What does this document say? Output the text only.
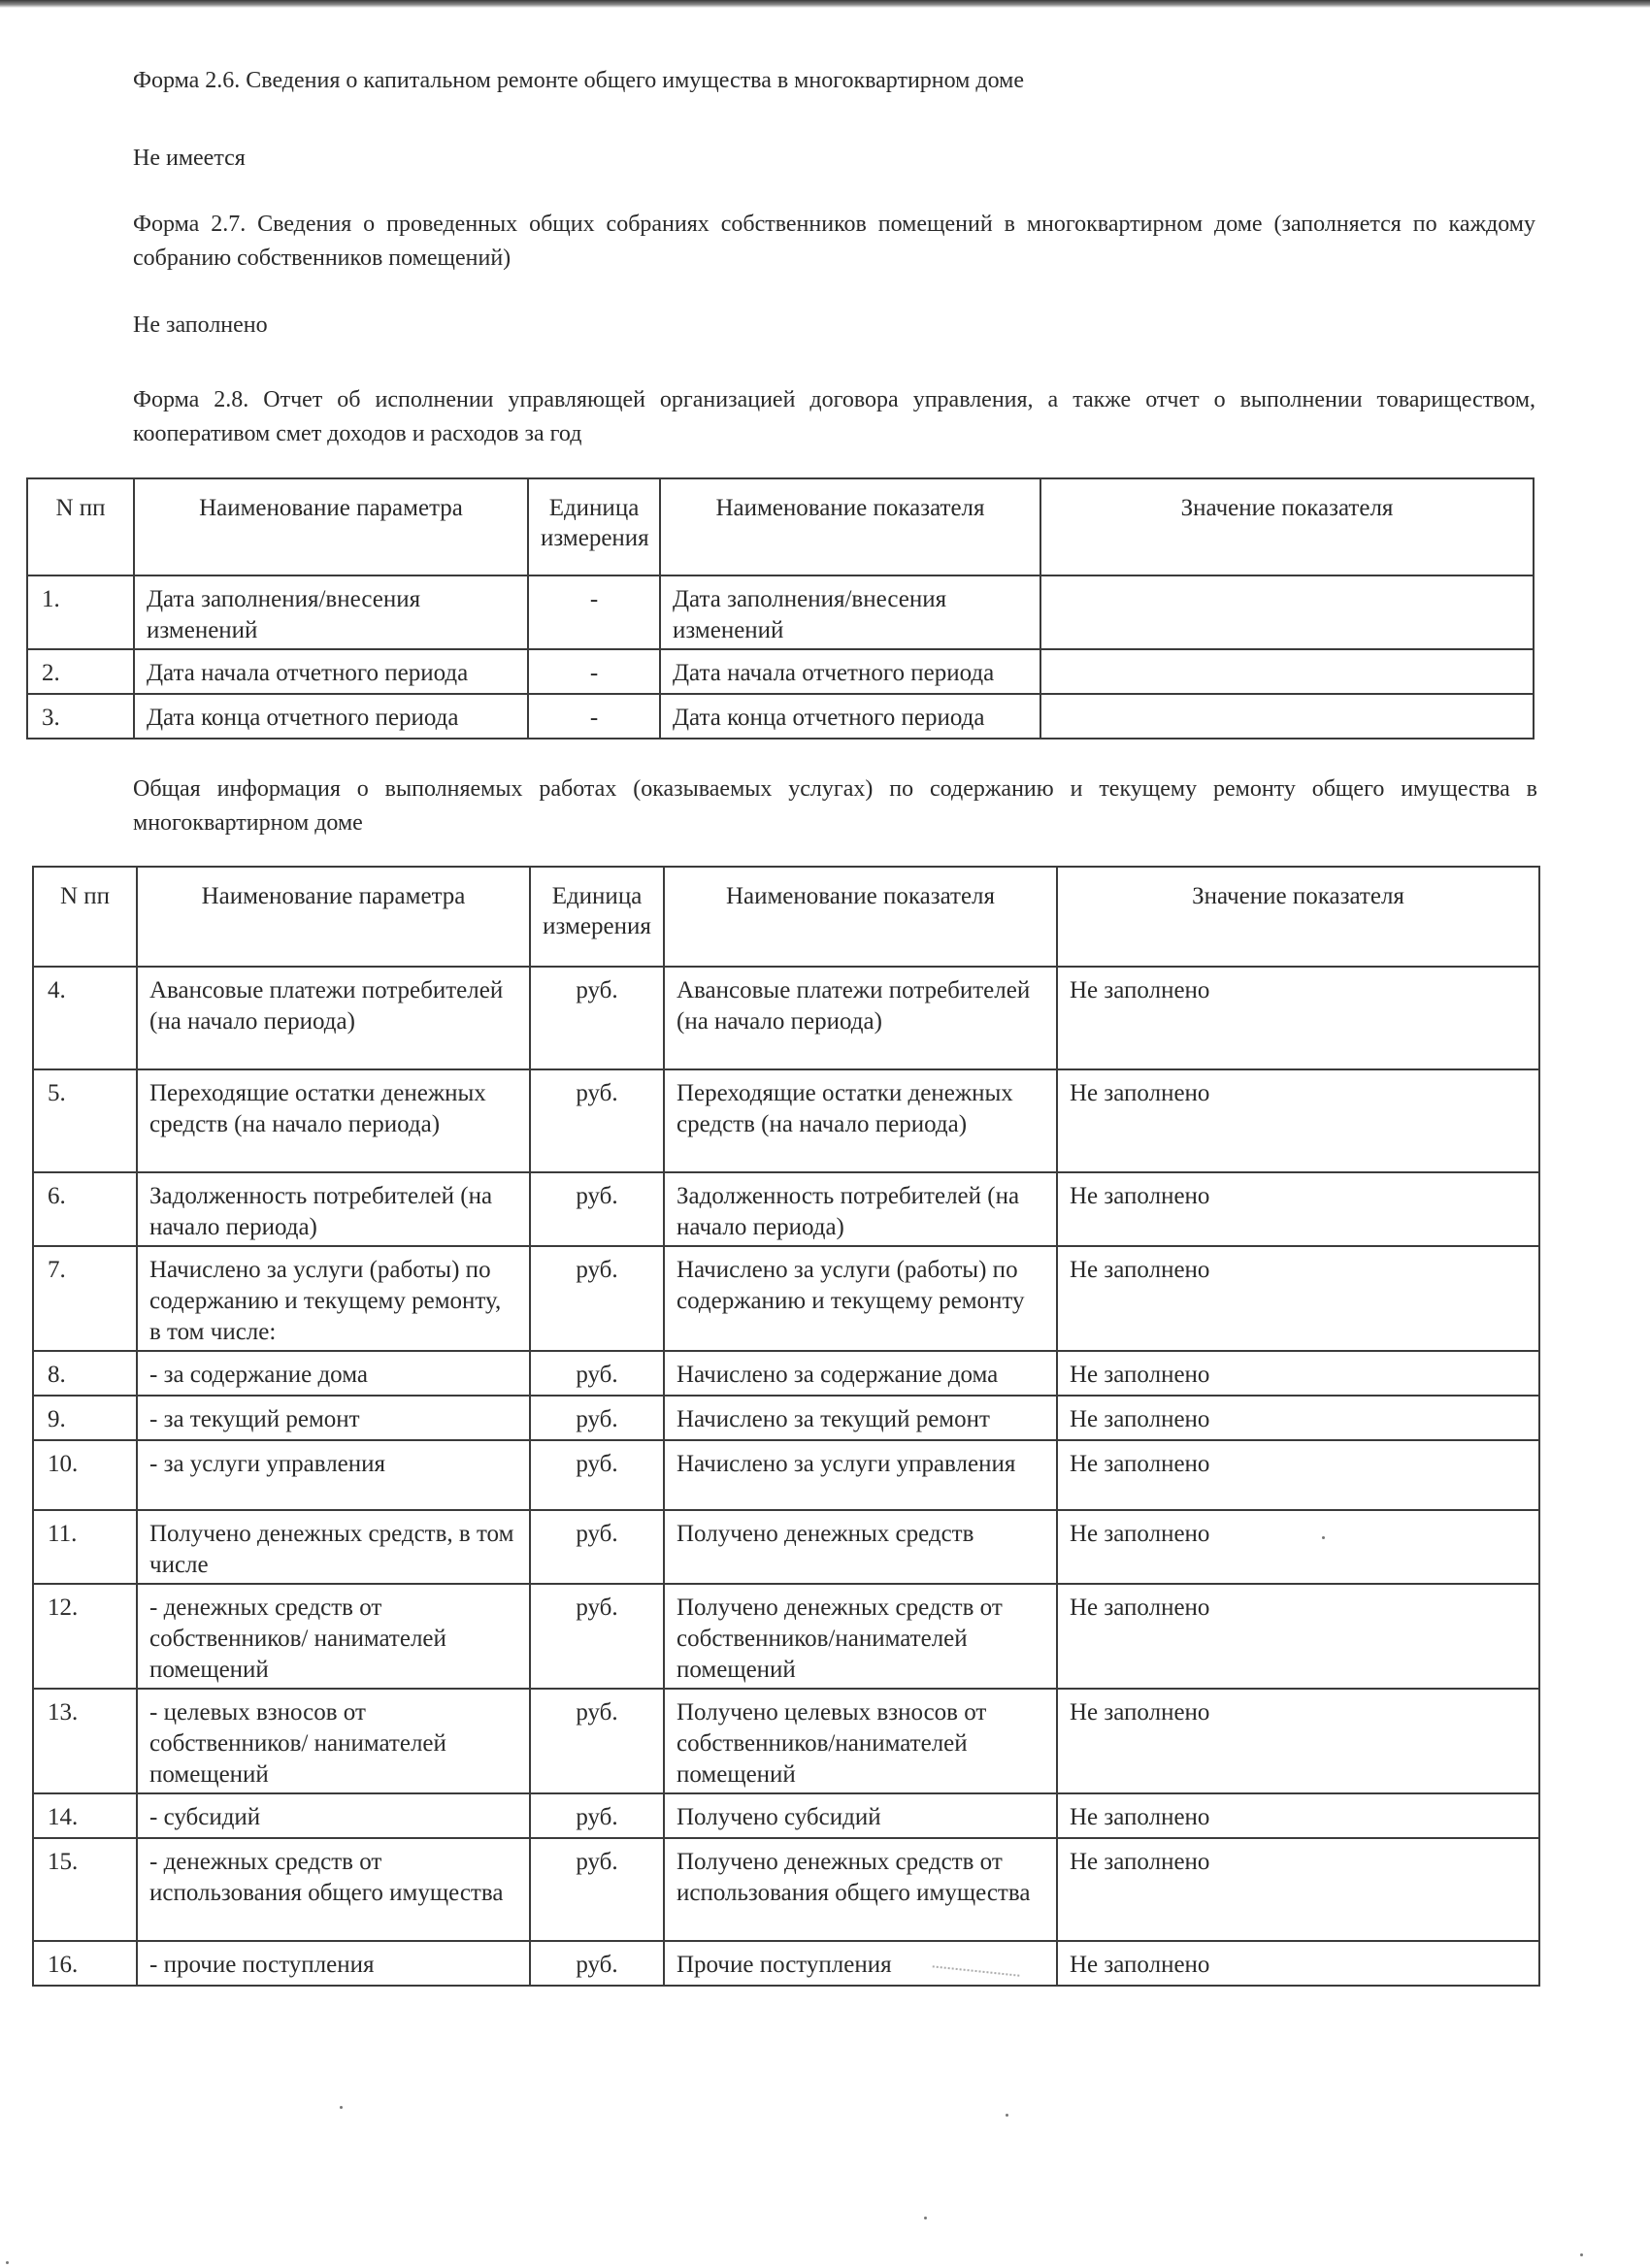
Форма 2.6. Сведения о капитальном ремонте общего имущества в многоквартирном доме

Не имеется

Форма 2.7. Сведения о проведенных общих собраниях собственников помещений в многоквартирном доме (заполняется по каждому собранию собственников помещений)

Не заполнено

Форма 2.8. Отчет об исполнении управляющей организацией договора управления, а также отчет о выполнении товариществом, кооперативом смет доходов и расходов за год

N пп	Наименование параметра	Единица измерения	Наименование показателя	Значение показателя
1.	Дата заполнения/внесения изменений	-	Дата заполнения/внесения изменений	
2.	Дата начала отчетного периода	-	Дата начала отчетного периода	
3.	Дата конца отчетного периода	-	Дата конца отчетного периода	

Общая информация о выполняемых работах (оказываемых услугах) по содержанию и текущему ремонту общего имущества в многоквартирном доме

N пп	Наименование параметра	Единица измерения	Наименование показателя	Значение показателя
4.	Авансовые платежи потребителей (на начало периода)	руб.	Авансовые платежи потребителей (на начало периода)	Не заполнено
5.	Переходящие остатки денежных средств (на начало периода)	руб.	Переходящие остатки денежных средств (на начало периода)	Не заполнено
6.	Задолженность потребителей (на начало периода)	руб.	Задолженность потребителей (на начало периода)	Не заполнено
7.	Начислено за услуги (работы) по содержанию и текущему ремонту, в том числе:	руб.	Начислено за услуги (работы) по содержанию и текущему ремонту	Не заполнено
8.	- за содержание дома	руб.	Начислено за содержание дома	Не заполнено
9.	- за текущий ремонт	руб.	Начислено за текущий ремонт	Не заполнено
10.	- за услуги управления	руб.	Начислено за услуги управления	Не заполнено
11.	Получено денежных средств, в том числе	руб.	Получено денежных средств	Не заполнено
12.	- денежных средств от собственников/ нанимателей помещений	руб.	Получено денежных средств от собственников/нанимателей помещений	Не заполнено
13.	- целевых взносов от собственников/ нанимателей помещений	руб.	Получено целевых взносов от собственников/нанимателей помещений	Не заполнено
14.	- субсидий	руб.	Получено субсидий	Не заполнено
15.	- денежных средств от использования общего имущества	руб.	Получено денежных средств от использования общего имущества	Не заполнено
16.	- прочие поступления	руб.	Прочие поступления	Не заполнено
